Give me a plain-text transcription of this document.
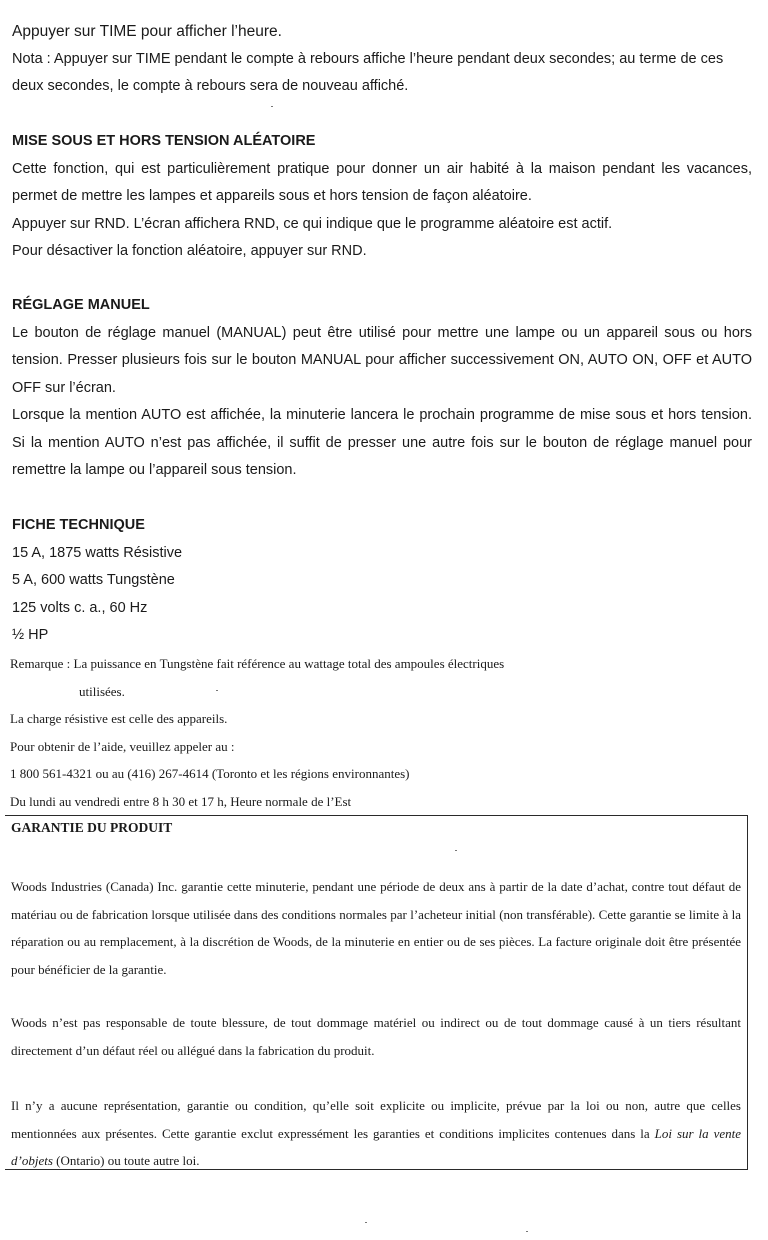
Appuyer sur TIME pour afficher l’heure.
Nota : Appuyer sur TIME pendant le compte à rebours affiche l’heure pendant deux secondes; au terme de ces deux secondes, le compte à rebours sera de nouveau affiché.
MISE SOUS ET HORS TENSION ALÉATOIRE

Cette fonction, qui est particulièrement pratique pour donner un air habité à la maison pendant les vacances, permet de mettre les lampes et appareils sous et hors tension de façon aléatoire.

Appuyer sur RND. L’écran affichera RND, ce qui indique que le programme aléatoire est actif.

Pour désactiver la fonction aléatoire, appuyer sur RND.

RÉGLAGE MANUEL

Le bouton de réglage manuel (MANUAL) peut être utilisé pour mettre une lampe ou un appareil sous ou hors tension. Presser plusieurs fois sur le bouton MANUAL pour afficher successivement ON, AUTO ON, OFF et AUTO OFF sur l’écran.

Lorsque la mention AUTO est affichée, la minuterie lancera le prochain programme de mise sous et hors tension. Si la mention AUTO n’est pas affichée, il suffit de presser une autre fois sur le bouton de réglage manuel pour remettre la lampe ou l’appareil sous tension.

FICHE TECHNIQUE

15 A, 1875 watts Résistive

5 A, 600 watts Tungstène

125 volts c. a., 60 Hz

½ HP

Remarque : La puissance en Tungstène fait référence au wattage total des ampoules électriques

utilisées.

La charge résistive est celle des appareils.

Pour obtenir de l’aide, veuillez appeler au :

1 800 561-4321 ou au (416) 267-4614 (Toronto et les régions environnantes)

Du lundi au vendredi entre 8 h 30 et 17 h, Heure normale de l’Est

GARANTIE DU PRODUIT

Woods Industries (Canada) Inc. garantie cette minuterie, pendant une période de deux ans à partir de la date d’achat, contre tout défaut de matériau ou de fabrication lorsque utilisée dans des conditions normales par l’acheteur initial (non transférable). Cette garantie se limite à la réparation ou au remplacement, à la discrétion de Woods, de la minuterie en entier ou de ses pièces. La facture originale doit être présentée pour bénéficier de la garantie.

Woods n’est pas responsable de toute blessure, de tout dommage matériel ou indirect ou de tout dommage causé à un tiers résultant directement d’un défaut réel ou allégué dans la fabrication du produit.

Il n’y a aucune représentation, garantie ou condition, qu’elle soit explicite ou implicite, prévue par la loi ou non, autre que celles mentionnées aux présentes. Cette garantie exclut expressément les garanties et conditions implicites contenues dans la Loi sur la vente d’objets (Ontario) ou toute autre loi.
